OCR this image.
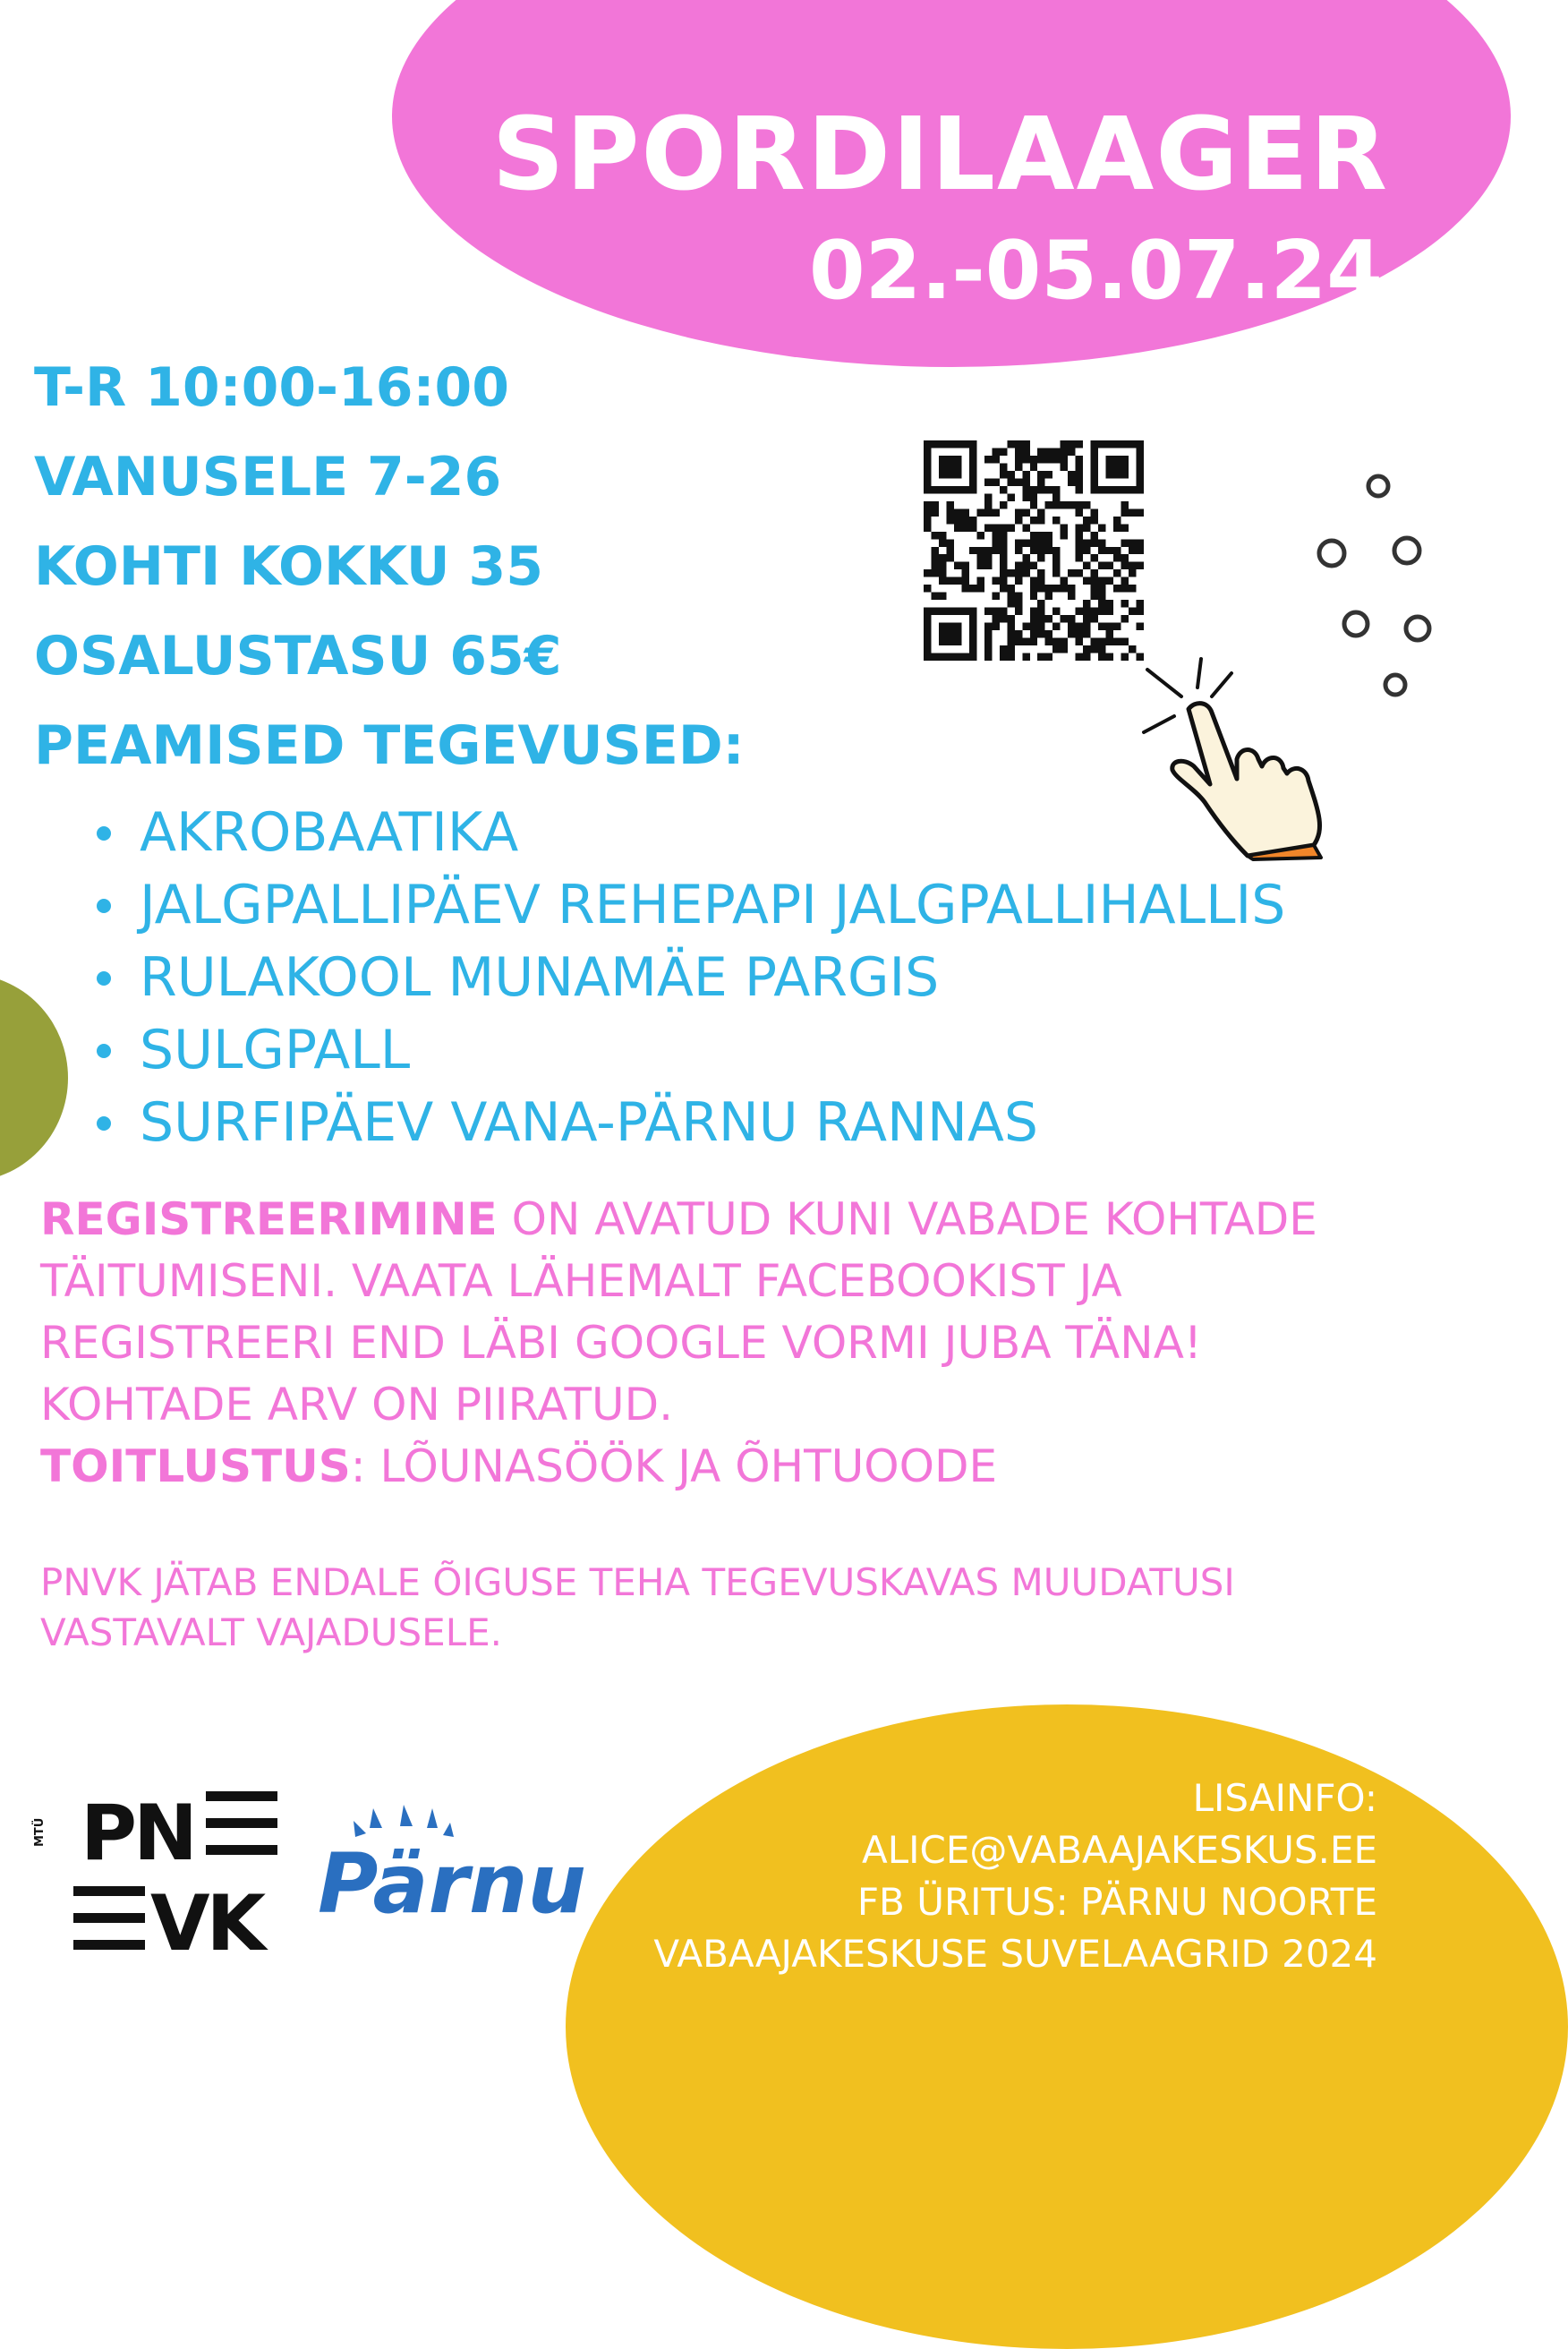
SPORDILAAGER
02.-05.07.24
T-R 10:00-16:00
VANUSELE 7-26
KOHTI KOKKU 35
OSALUSTASU 65€
PEAMISED TEGEVUSED:
AKROBAATIKA
JALGPALLIPÄEV REHEPAPI JALGPALLIHALLIS
RULAKOOL MUNAMÄE PARGIS
SULGPALL
SURFIPÄEV VANA-PÄRNU RANNAS
REGISTREERIMINE ON AVATUD KUNI VABADE KOHTADE TÄITUMISENI. VAATA LÄHEMALT FACEBOOKIST JA REGISTREERI END LÄBI GOOGLE VORMI JUBA TÄNA! KOHTADE ARV ON PIIRATUD.
TOITLUSTUS: LÕUNASÖÖK JA ÕHTUOODE
PNVK JÄTAB ENDALE ÕIGUSE TEHA TEGEVUSKAVAS MUUDATUSI VASTAVALT VAJADUSELE.
LISAINFO:
ALICE@VABAAJAKESKUS.EE
FB ÜRITUS: PÄRNU NOORTE
VABAAJAKESKUSE SUVELAAGRID 2024
MTÜ PN
VK Pärnu
